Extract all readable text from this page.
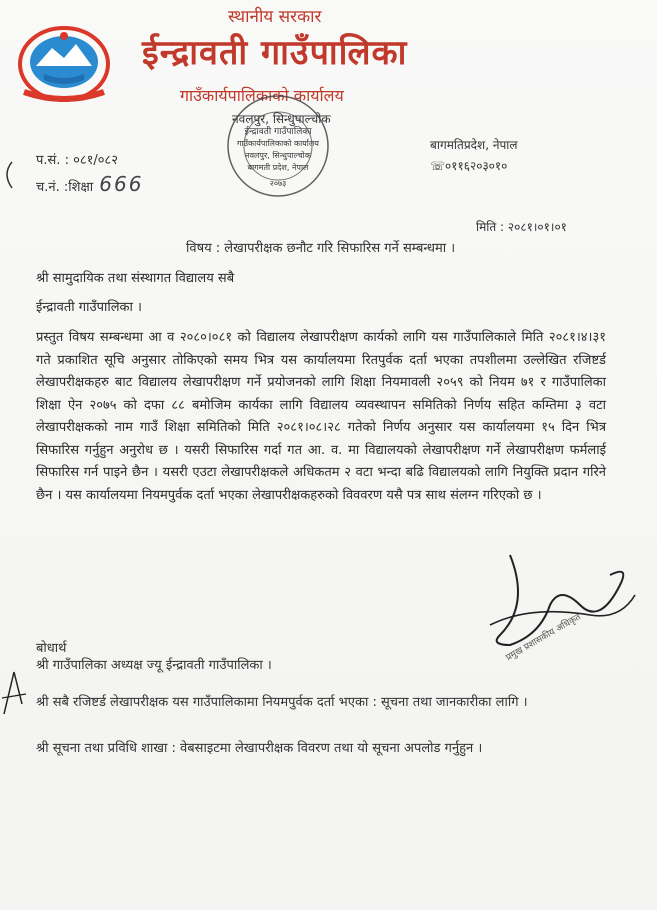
स्थानीय सरकार
ईन्द्रावती गाउँपालिका
गाउँकार्यपालिकाको कार्यालय
नवलपुर, सिन्धुपाल्चोक
ईन्द्रावती गाउँपालिका
गाउँकार्यपालिकाको कार्यालय
नवलपुर, सिन्धुपाल्चोक
बागमती प्रदेश, नेपाल
२०७३
प.सं. : ०८१/०८२
च.नं. :शिक्षा 666
बागमतिप्रदेश, नेपाल
☏०११६२०३०१०
मिति : २०८१।०१।०१
विषय : लेखापरीक्षक छनौट गरि सिफारिस गर्ने सम्बन्धमा ।
श्री सामुदायिक तथा संस्थागत विद्यालय सबै
ईन्द्रावती गाउँपालिका ।
प्रस्तुत विषय सम्बन्धमा आ व २०८०।०८१ को विद्यालय लेखापरीक्षण कार्यको लागि यस गाउँपालिकाले मिति २०८१।४।३१ गते प्रकाशित सूचि अनुसार तोकिएको समय भित्र यस कार्यालयमा रितपुर्वक दर्ता भएका तपशीलमा उल्लेखित रजिष्टर्ड लेखापरीक्षकहरु बाट विद्यालय लेखापरीक्षण गर्ने प्रयोजनको लागि शिक्षा नियमावली २०५९ को नियम ७१ र गाउँपालिका शिक्षा ऐन २०७५ को दफा ८८ बमोजिम कार्यका लागि विद्यालय व्यवस्थापन समितिको निर्णय सहित कम्तिमा ३ वटा लेखापरीक्षकको नाम गाउँ शिक्षा समितिको मिति २०८१।०८।२८ गतेको निर्णय अनुसार यस कार्यालयमा १५ दिन भित्र सिफारिस गर्नुहुन अनुरोध छ । यसरी सिफारिस गर्दा गत आ. व. मा विद्यालयको लेखापरीक्षण गर्ने लेखापरीक्षण फर्मलाई सिफारिस गर्न पाइने छैन । यसरी एउटा लेखापरीक्षकले अधिकतम २ वटा भन्दा बढि विद्यालयको लागि नियुक्ति प्रदान गरिने छैन । यस कार्यालयमा नियमपुर्वक दर्ता भएका लेखापरीक्षकहरुको विववरण यसै पत्र साथ संलग्न गरिएको छ ।
प्रमुख प्रशासकीय अधिकृत
बोधार्थ
श्री गाउँपालिका अध्यक्ष ज्यू ईन्द्रावती गाउँपालिका ।
श्री सबै रजिष्टर्ड लेखापरीक्षक यस गाउँपालिकामा नियमपुर्वक दर्ता भएका : सूचना तथा जानकारीका लागि ।
श्री सूचना तथा प्रविधि शाखा : वेबसाइटमा लेखापरीक्षक विवरण तथा यो सूचना अपलोड गर्नुहुन ।
